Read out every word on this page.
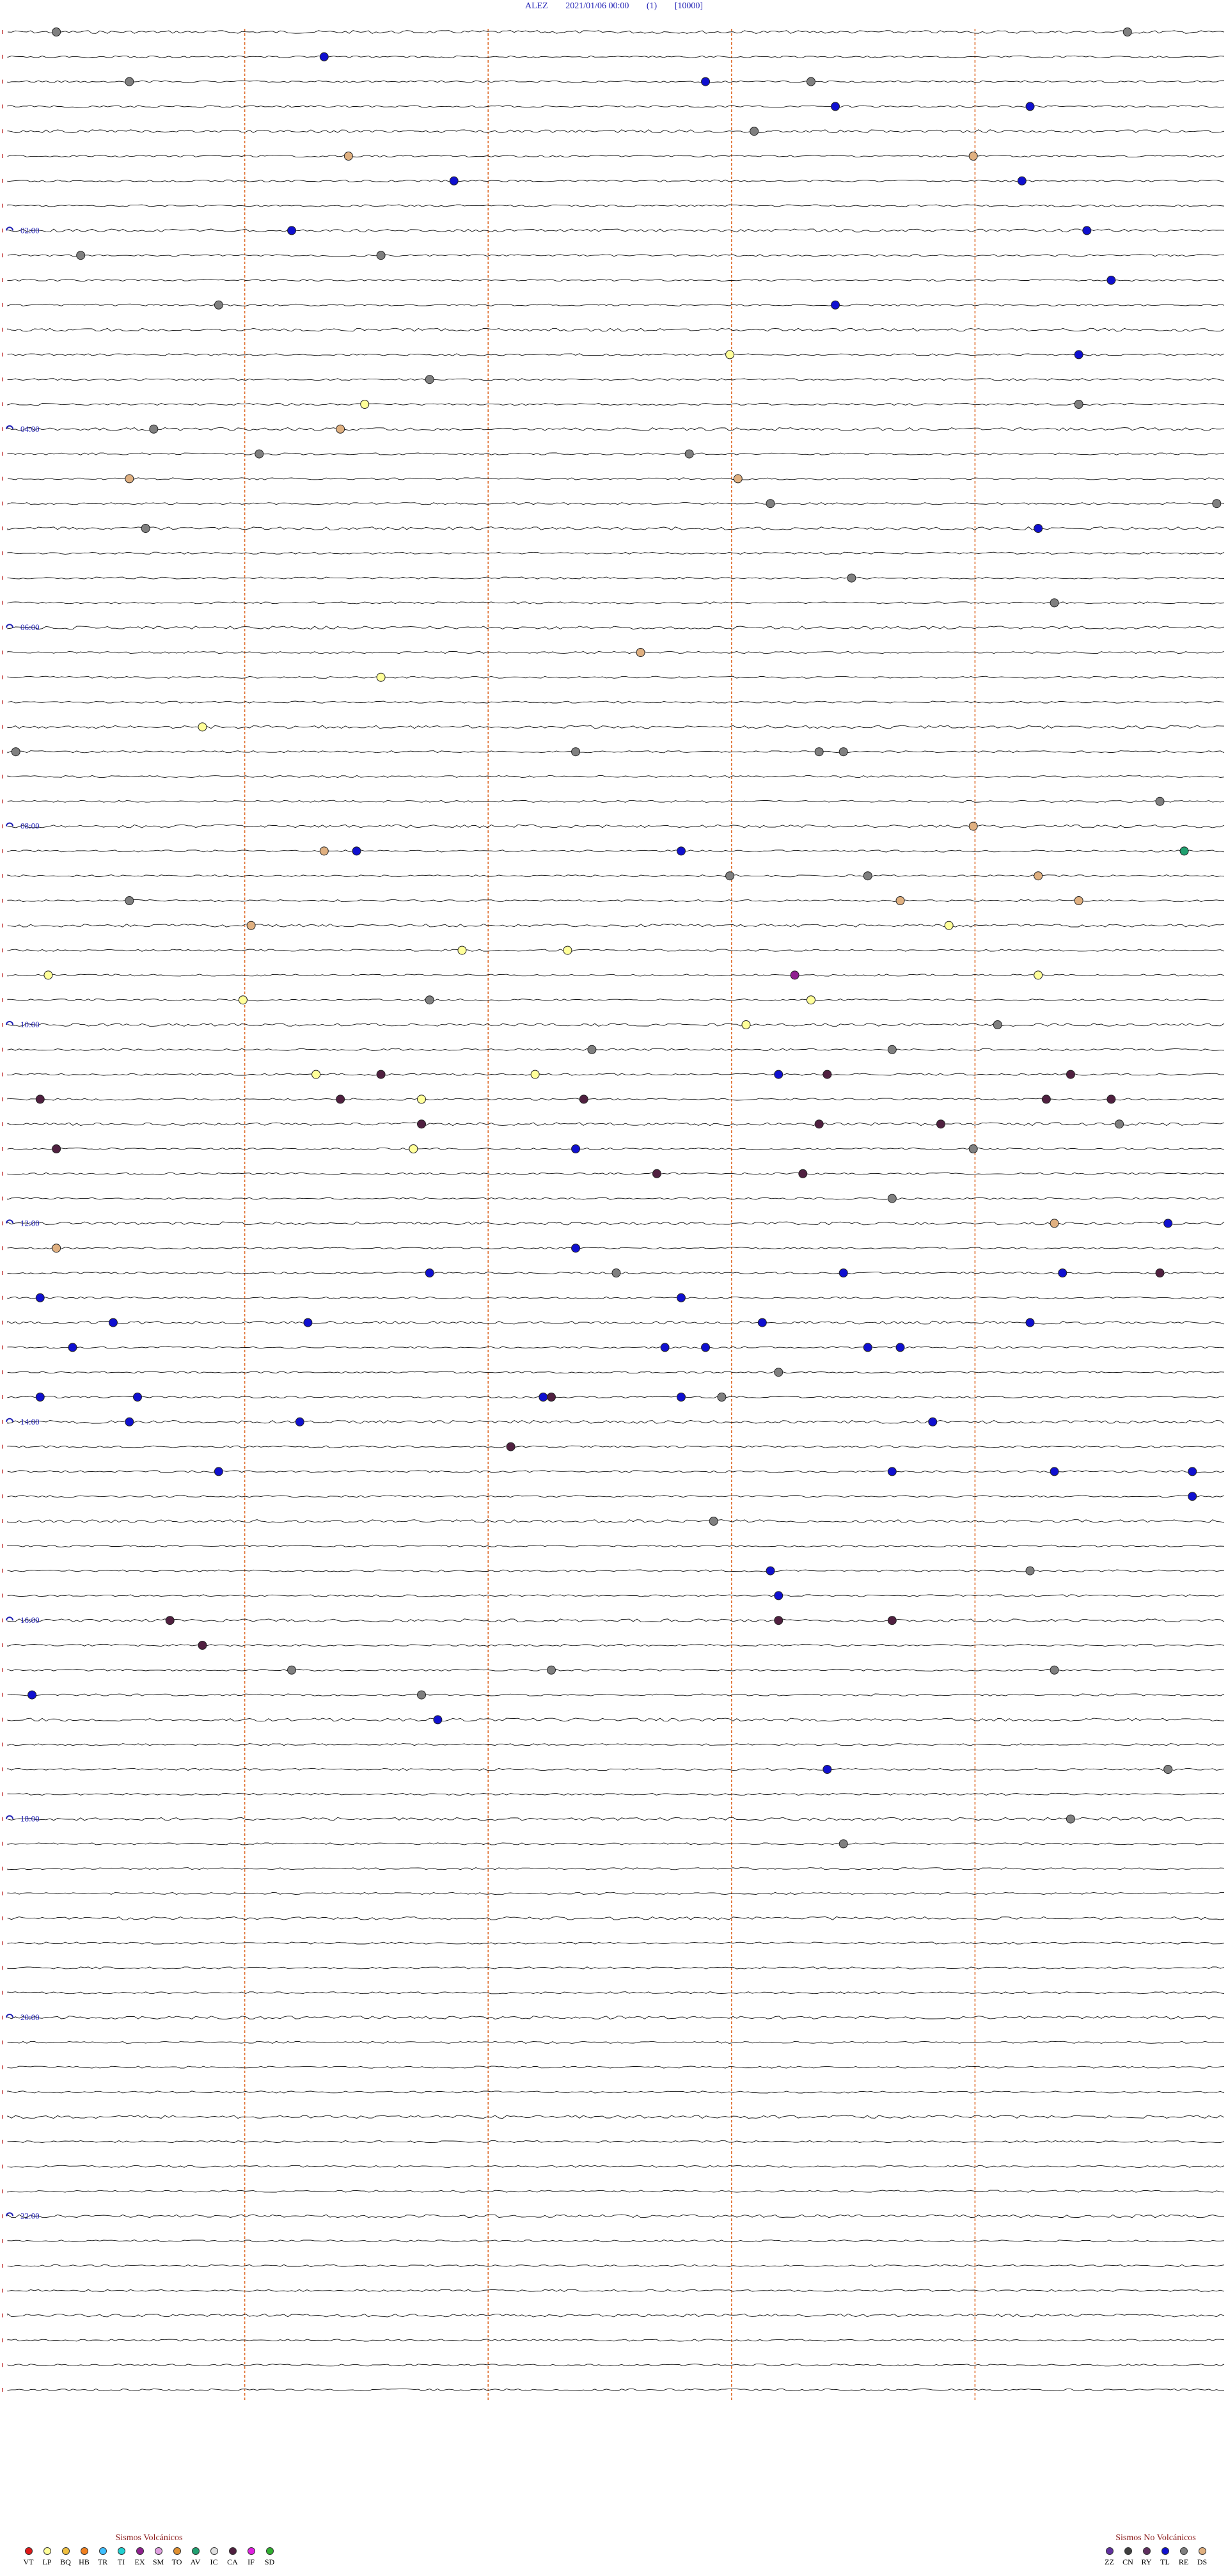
02:00
04:00
06:00
08:00
10:00
12:00
14:00
16:00
18:00
20:00
22:00
ALEZ 2021/01/06 00:00 (1) [10000]
Sismos Volcánicos
VT LP BQ HB TR TI EX SM TO AV IC CA IF SD
Sismos No Volcánicos
ZZ CN RY TL RE DS
